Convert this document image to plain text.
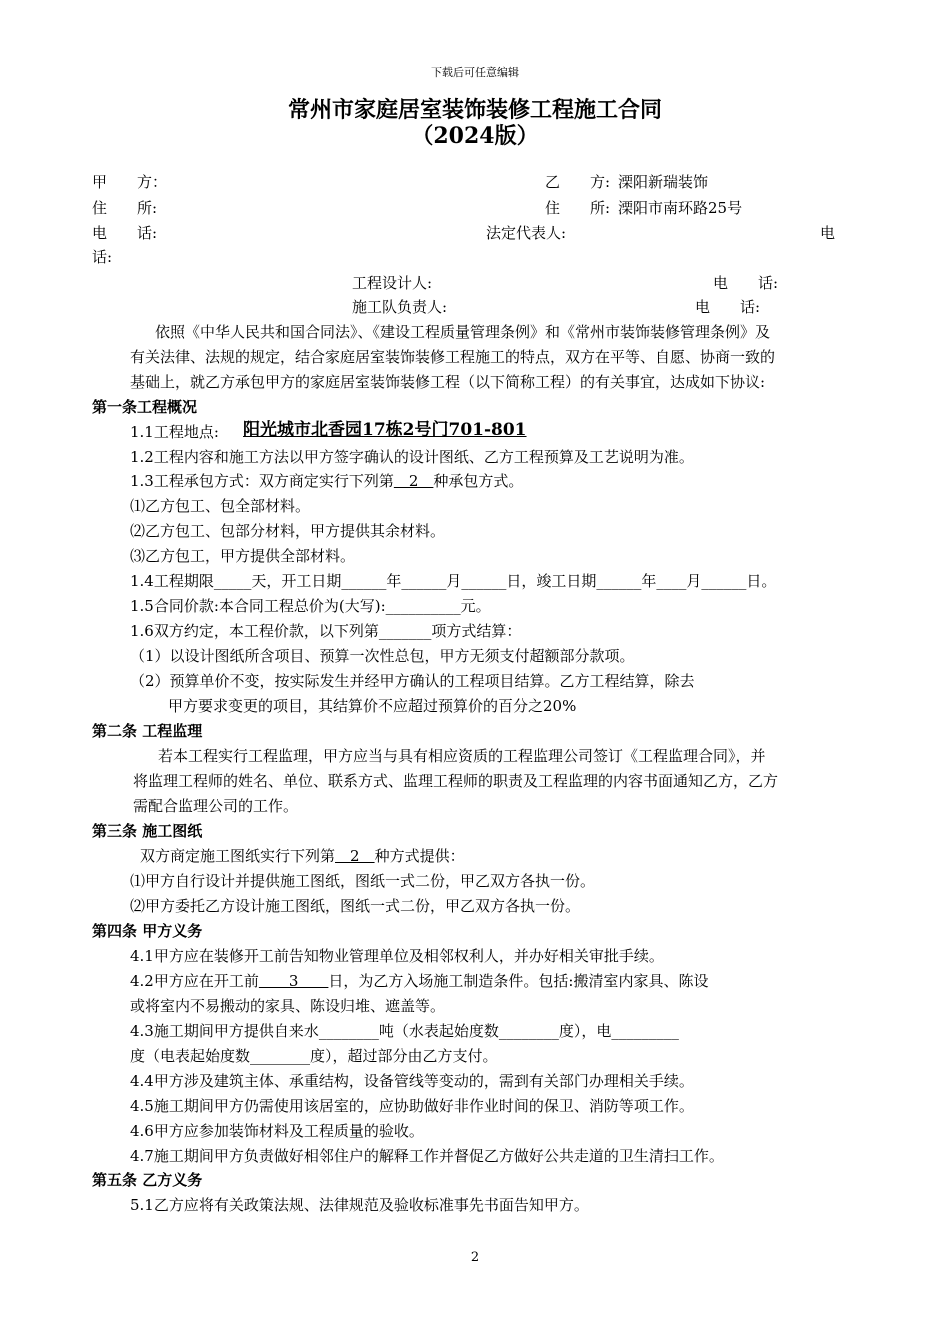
下载后可任意编辑
常州市家庭居室装饰装修工程施工合同
（2024版）
甲　　方：	乙　　方: 溧阳新瑞装饰
住　　所:	住　　所: 溧阳市南环路25号
电　　话:	法定代表人:	电
话:
工程设计人:	电　　话:
施工队负责人:	电　　话:
依照《中华人民共和国合同法》、《建设工程质量管理条例》和《常州市装饰装修管理条例》及
有关法律、法规的规定，结合家庭居室装饰装修工程施工的特点，双方在平等、自愿、协商一致的
基础上，就乙方承包甲方的家庭居室装饰装修工程（以下简称工程）的有关事宜，达成如下协议:
第一条工程概况
1.1工程地点: 阳光城市北香园17栋2号门701-801
1.2工程内容和施工方法以甲方签字确认的设计图纸、乙方工程预算及工艺说明为准。
1.3工程承包方式：双方商定实行下列第　2　种承包方式。
⑴乙方包工、包全部材料。
⑵乙方包工、包部分材料，甲方提供其余材料。
⑶乙方包工，甲方提供全部材料。
1.4工程期限_____天，开工日期______年______月______日，竣工日期______年____月______日。
1.5合同价款:本合同工程总价为(大写):__________元。
1.6双方约定，本工程价款，以下列第_______项方式结算：
（1）以设计图纸所含项目、预算一次性总包，甲方无须支付超额部分款项。
（2）预算单价不变，按实际发生并经甲方确认的工程项目结算。乙方工程结算，除去
甲方要求变更的项目，其结算价不应超过预算价的百分之20%
第二条 工程监理
若本工程实行工程监理，甲方应当与具有相应资质的工程监理公司签订《工程监理合同》，并
将监理工程师的姓名、单位、联系方式、监理工程师的职责及工程监理的内容书面通知乙方，乙方
需配合监理公司的工作。
第三条 施工图纸
双方商定施工图纸实行下列第　2　种方式提供：
⑴甲方自行设计并提供施工图纸，图纸一式二份，甲乙双方各执一份。
⑵甲方委托乙方设计施工图纸，图纸一式二份，甲乙双方各执一份。
第四条 甲方义务
4.1甲方应在装修开工前告知物业管理单位及相邻权利人，并办好相关审批手续。
4.2甲方应在开工前　　3　　日，为乙方入场施工制造条件。包括:搬清室内家具、陈设
或将室内不易搬动的家具、陈设归堆、遮盖等。
4.3施工期间甲方提供自来水________吨（水表起始度数________度），电_________
度（电表起始度数________度），超过部分由乙方支付。
4.4甲方涉及建筑主体、承重结构，设备管线等变动的，需到有关部门办理相关手续。
4.5施工期间甲方仍需使用该居室的，应协助做好非作业时间的保卫、消防等项工作。
4.6甲方应参加装饰材料及工程质量的验收。
4.7施工期间甲方负责做好相邻住户的解释工作并督促乙方做好公共走道的卫生清扫工作。
第五条 乙方义务
5.1乙方应将有关政策法规、法律规范及验收标准事先书面告知甲方。
2
